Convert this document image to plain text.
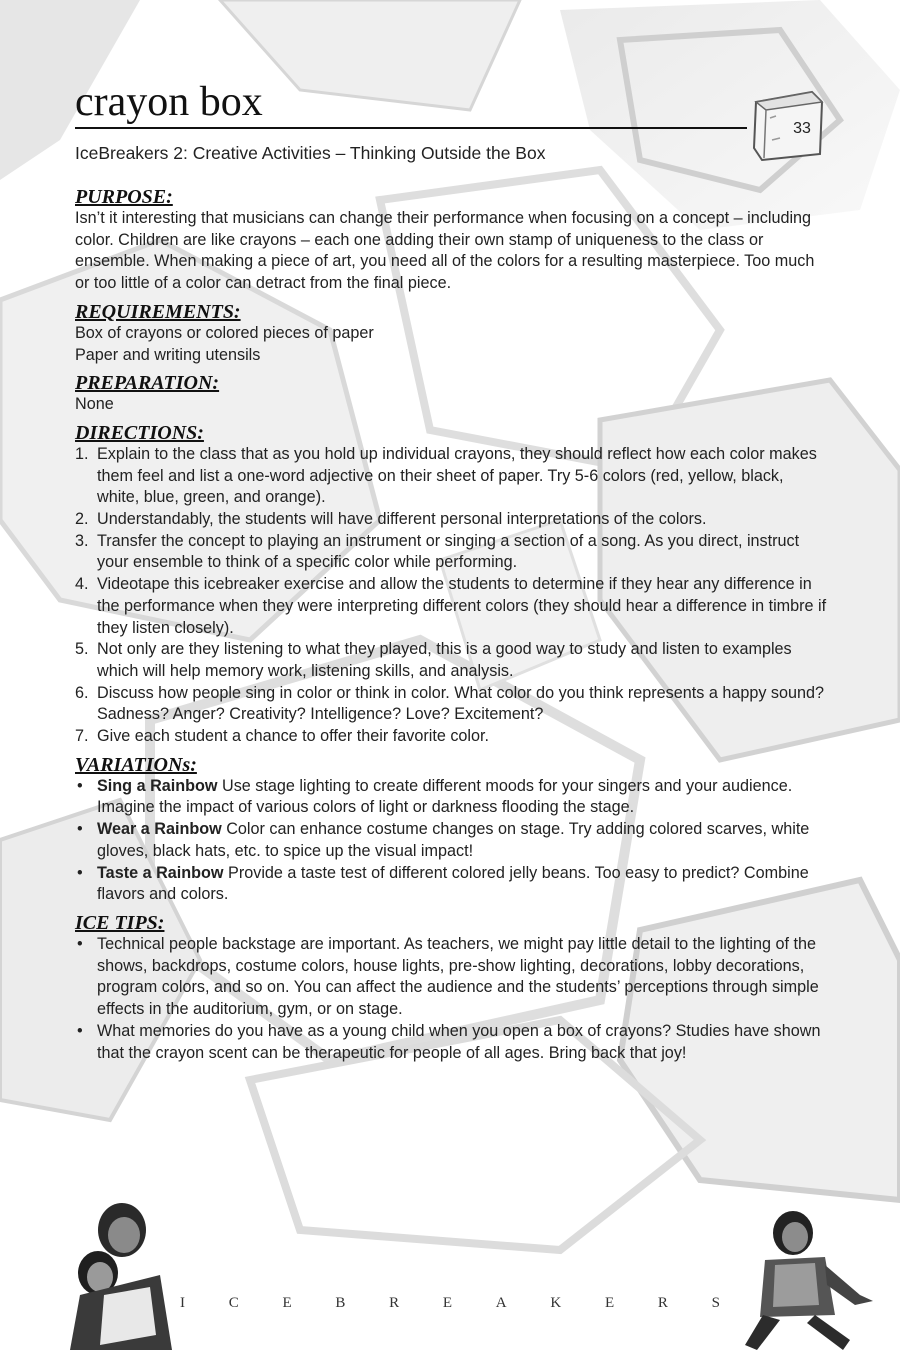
crayon box
33
IceBreakers 2: Creative Activities – Thinking Outside the Box
PURPOSE:
Isn’t it interesting that musicians can change their performance when focusing on a concept – including color. Children are like crayons – each one adding their own stamp of uniqueness to the class or ensemble. When making a piece of art, you need all of the colors for a resulting masterpiece. Too much or too little of a color can detract from the final piece.
REQUIREMENTS:
Box of crayons or colored pieces of paper
Paper and writing utensils
PREPARATION:
None
DIRECTIONS:
1. Explain to the class that as you hold up individual crayons, they should reflect how each color makes them feel and list a one-word adjective on their sheet of paper. Try 5-6 colors (red, yellow, black, white, blue, green, and orange).
2. Understandably, the students will have different personal interpretations of the colors.
3. Transfer the concept to playing an instrument or singing a section of a song. As you direct, instruct your ensemble to think of a specific color while performing.
4. Videotape this icebreaker exercise and allow the students to determine if they hear any difference in the performance when they were interpreting different colors (they should hear a difference in timbre if they listen closely).
5. Not only are they listening to what they played, this is a good way to study and listen to examples which will help memory work, listening skills, and analysis.
6. Discuss how people sing in color or think in color. What color do you think represents a happy sound? Sadness? Anger? Creativity? Intelligence? Love? Excitement?
7. Give each student a chance to offer their favorite color.
VARIATIONs:
• Sing a Rainbow Use stage lighting to create different moods for your singers and your audience. Imagine the impact of various colors of light or darkness flooding the stage.
• Wear a Rainbow Color can enhance costume changes on stage. Try adding colored scarves, white gloves, black hats, etc. to spice up the visual impact!
• Taste a Rainbow Provide a taste test of different colored jelly beans. Too easy to predict? Combine flavors and colors.
ICE TIPS:
• Technical people backstage are important. As teachers, we might pay little detail to the lighting of the shows, backdrops, costume colors, house lights, pre-show lighting, decorations, lobby decorations, program colors, and so on. You can affect the audience and the students’ perceptions through simple effects in the auditorium, gym, or on stage.
• What memories do you have as a young child when you open a box of crayons? Studies have shown that the crayon scent can be therapeutic for people of all ages. Bring back that joy!
I	C	E	B	R	E	A	K	E	R	S
